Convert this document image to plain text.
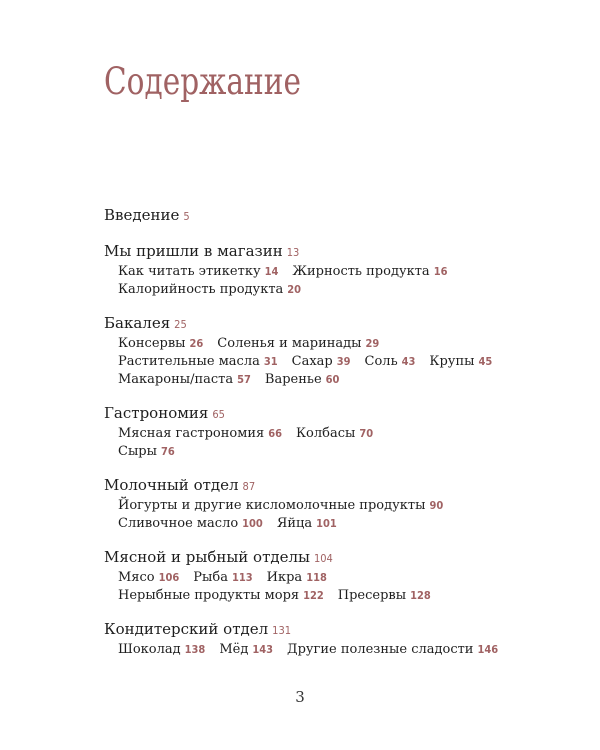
Содержание
Введение 5
Мы пришли в магазин 13
Как читать этикетку 14 Жирность продукта 16
Калорийность продукта 20
Бакалея 25
Консервы 26 Соленья и маринады 29
Растительные масла 31 Сахар 39 Соль 43 Крупы 45
Макароны/паста 57 Варенье 60
Гастрономия 65
Мясная гастрономия 66 Колбасы 70
Сыры 76
Молочный отдел 87
Йогурты и другие кисломолочные продукты 90
Сливочное масло 100 Яйца 101
Мясной и рыбный отделы 104
Мясо 106 Рыба 113 Икра 118
Нерыбные продукты моря 122 Пресервы 128
Кондитерский отдел 131
Шоколад 138 Мёд 143 Другие полезные сладости 146
3
